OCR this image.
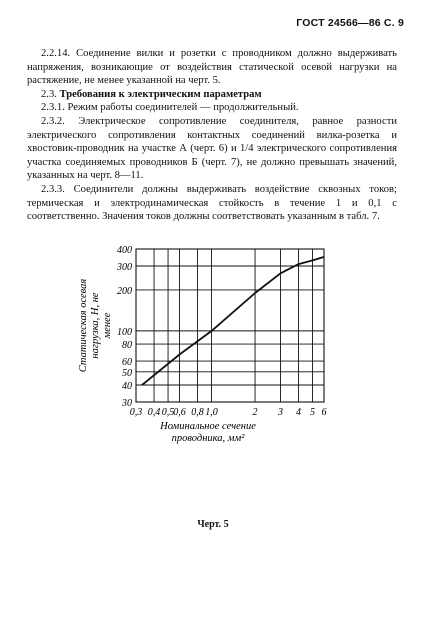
ГОСТ 24566—86 С. 9

2.2.14. Соединение вилки и розетки с проводником должно выдерживать напряжения, возникающие от воздействия статической осевой нагрузки на растяжение, не менее указанной на черт. 5.

2.3. Требования к электрическим параметрам

2.3.1. Режим работы соединителей — продолжительный.

2.3.2. Электрическое сопротивление соединителя, равное разности электрического сопротивления контактных соединений вилка-розетка и хвостовик-проводник на участке А (черт. 6) и 1/4 электрического сопротивления участка соединяемых проводников Б (черт. 7), не должно превышать значений, указанных на черт. 8—11.

2.3.3. Соединители должны выдерживать воздействие сквозных токов; термическая и электродинамическая стойкость в течение 1 и 0,1 с соответственно. Значения токов должны соответствовать указанным в табл. 7.

0,3 0,4 0,5
0,6 0,8 1,0	2 3 4 5 6
30
40
50
60
80
100
200
300
400
Номинальное сечение
проводника, мм²
Статическая осевая нагрузка, Н, не менее
Черт. 5
